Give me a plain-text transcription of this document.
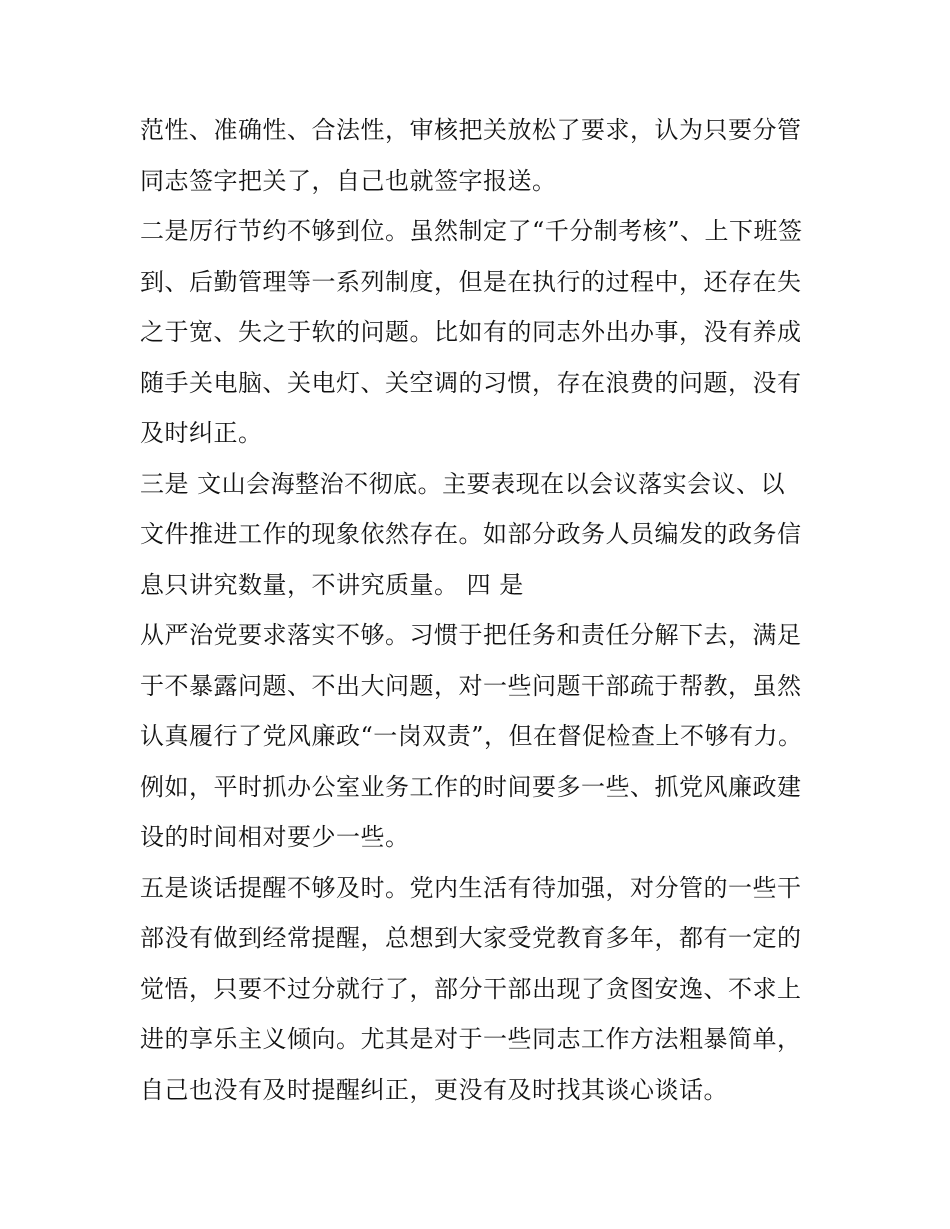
范性、准确性、合法性，审核把关放松了要求，认为只要分管

同志签字把关了，自己也就签字报送。

二是厉行节约不够到位。虽然制定了“千分制考核”、上下班签

到、后勤管理等一系列制度，但是在执行的过程中，还存在失

之于宽、失之于软的问题。比如有的同志外出办事，没有养成

随手关电脑、关电灯、关空调的习惯，存在浪费的问题，没有

及时纠正。

三是 文山会海整治不彻底。主要表现在以会议落实会议、以

文件推进工作的现象依然存在。如部分政务人员编发的政务信

息只讲究数量，不讲究质量。 四 是

从严治党要求落实不够。习惯于把任务和责任分解下去，满足

于不暴露问题、不出大问题，对一些问题干部疏于帮教，虽然

认真履行了党风廉政“一岗双责”，但在督促检查上不够有力。

例如，平时抓办公室业务工作的时间要多一些、抓党风廉政建

设的时间相对要少一些。

五是谈话提醒不够及时。党内生活有待加强，对分管的一些干

部没有做到经常提醒，总想到大家受党教育多年，都有一定的

觉悟，只要不过分就行了，部分干部出现了贪图安逸、不求上

进的享乐主义倾向。尤其是对于一些同志工作方法粗暴简单，

自己也没有及时提醒纠正，更没有及时找其谈心谈话。
